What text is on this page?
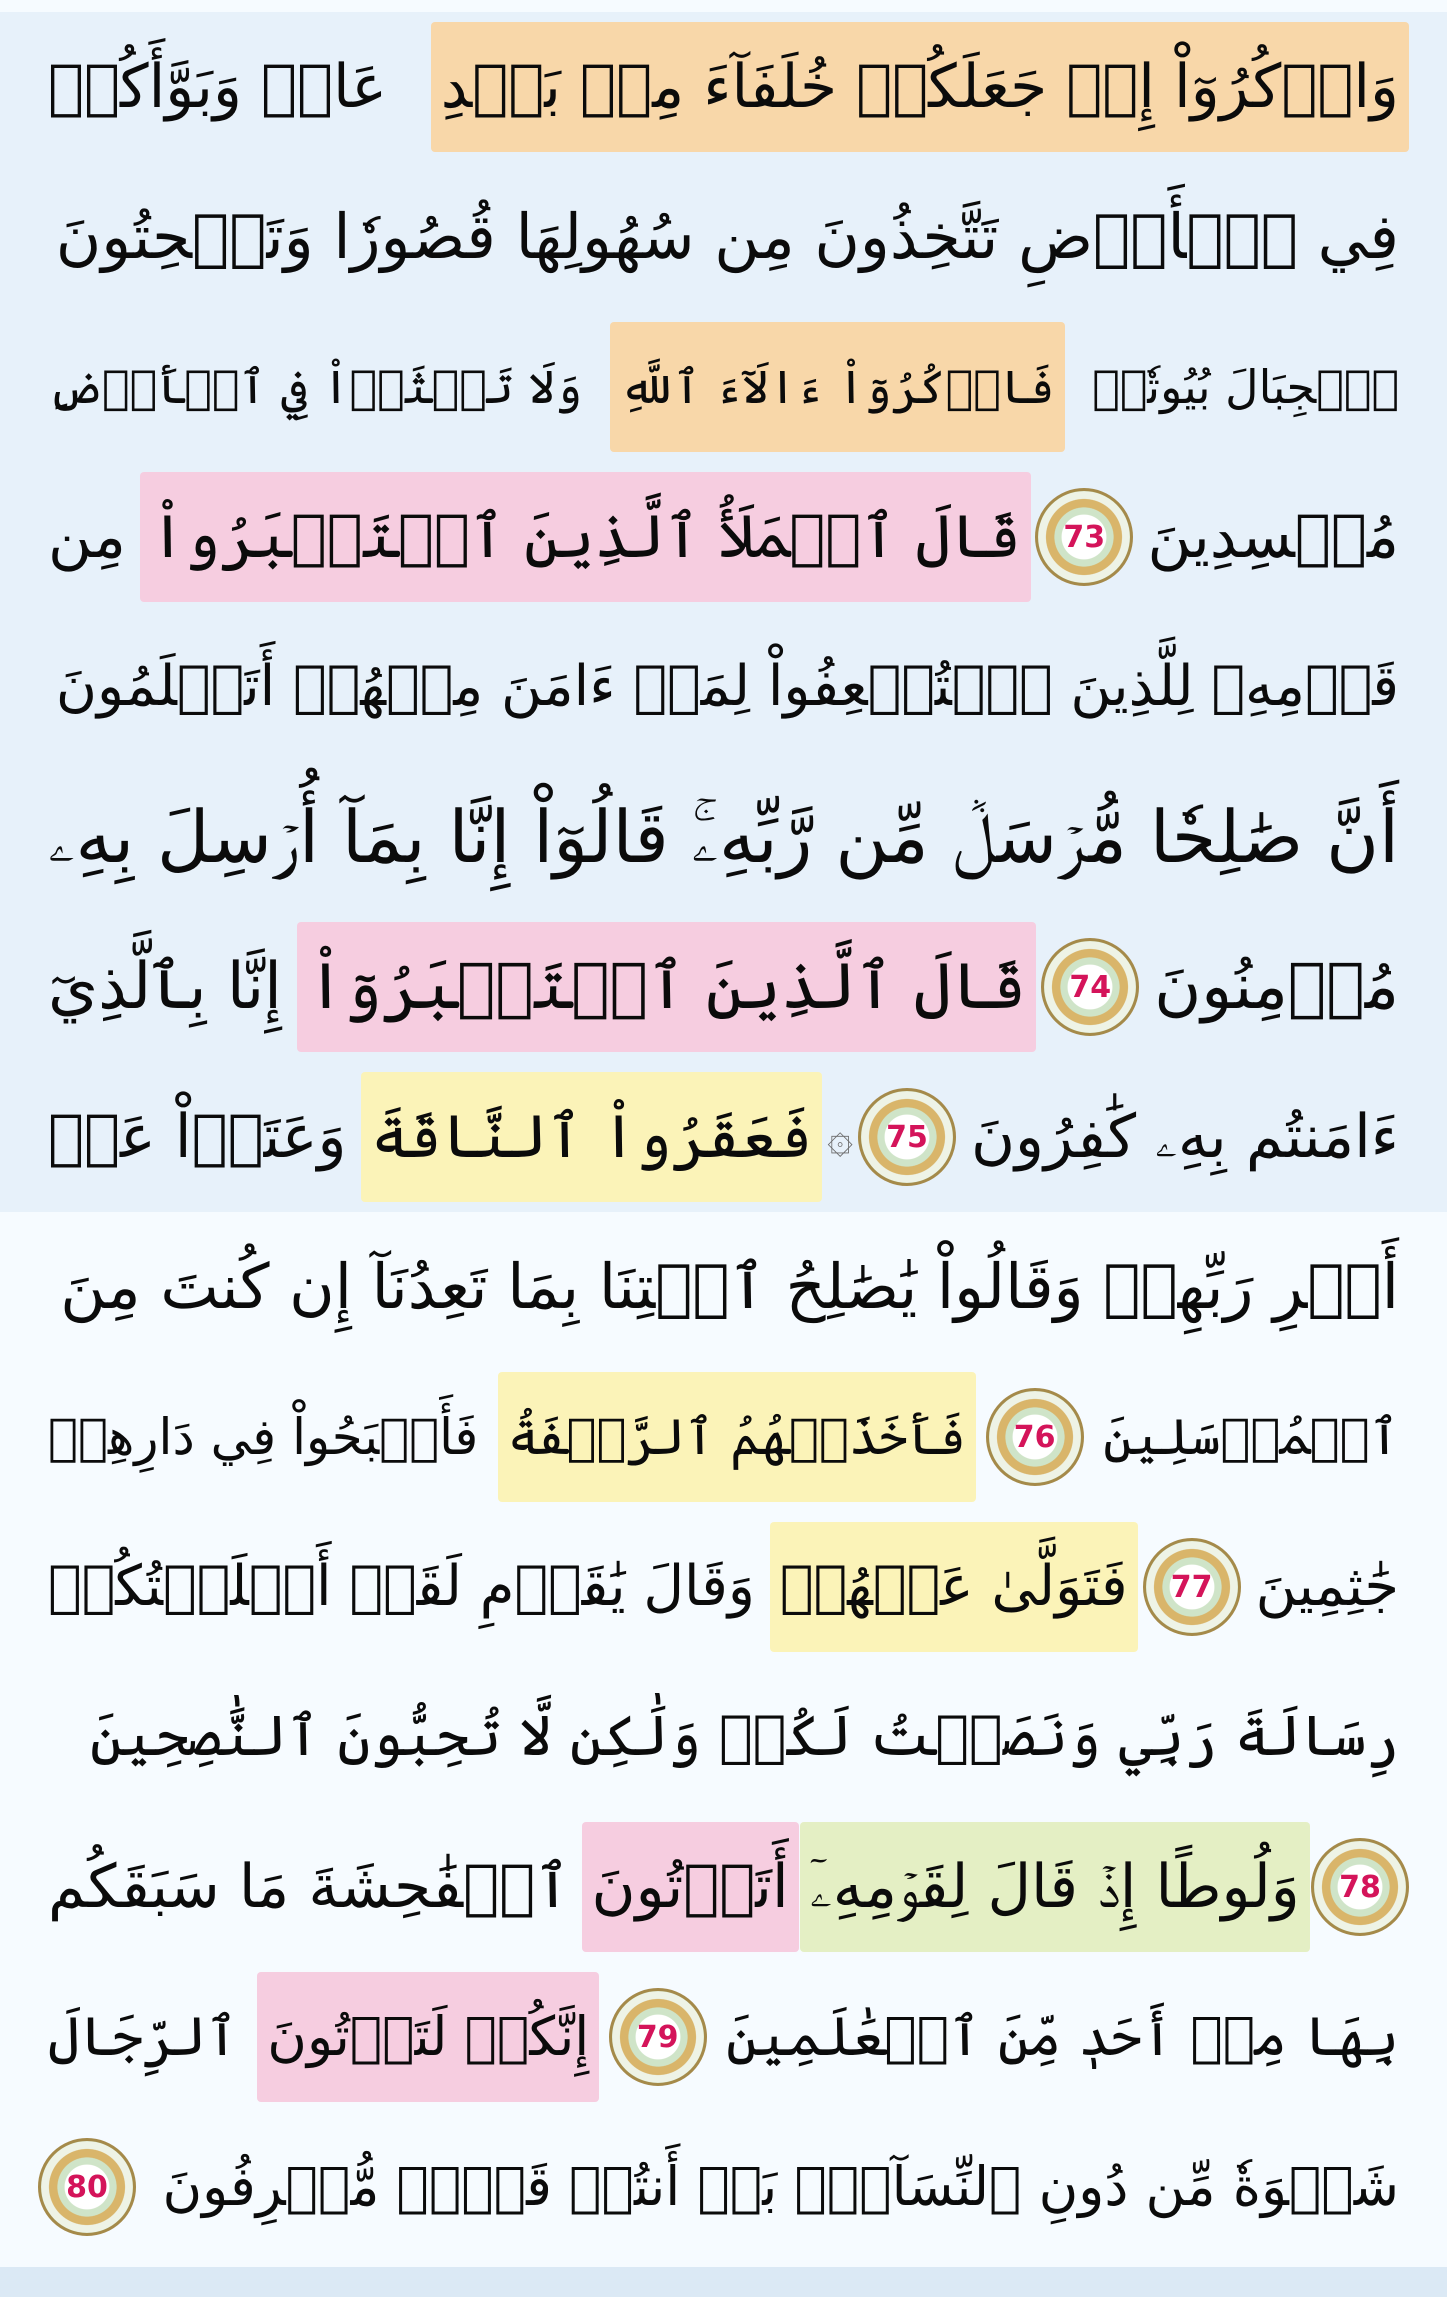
وَاذۡكُرُوٓاْ إِذۡ جَعَلَكُمۡ خُلَفَآءَ مِنۢ بَعۡدِ
عَادٖ وَبَوَّأَكُمۡ
فِي ٱلۡأَرۡضِ تَتَّخِذُونَ مِن سُهُولِهَا قُصُورٗا وَتَنۡحِتُونَ
ٱلۡجِبَالَ بُيُوتٗاۖ
فَاذۡكُرُوٓاْ ءَالَآءَ ٱللَّهِ
وَلَا تَعۡثَوۡاْ فِي ٱلۡأَرۡضِ
مُفۡسِدِينَ
73
قَالَ ٱلۡمَلَأُ ٱلَّذِينَ ٱسۡتَكۡبَرُواْ
مِن
قَوۡمِهِۦ لِلَّذِينَ ٱسۡتُضۡعِفُواْ لِمَنۡ ءَامَنَ مِنۡهُمۡ أَتَعۡلَمُونَ
أَنَّ صَٰلِحٗا مُّرۡسَلٞ مِّن رَّبِّهِۦۚ قَالُوٓاْ إِنَّا بِمَآ أُرۡسِلَ بِهِۦ
مُؤۡمِنُونَ
74
قَالَ ٱلَّذِينَ ٱسۡتَكۡبَرُوٓاْ
إِنَّا بِٱلَّذِيٓ
ءَامَنتُم بِهِۦ كَٰفِرُونَ
75
۞
فَعَقَرُواْ ٱلنَّاقَةَ
وَعَتَوۡاْ عَنۡ
أَمۡرِ رَبِّهِمۡ وَقَالُواْ يَٰصَٰلِحُ ٱئۡتِنَا بِمَا تَعِدُنَآ إِن كُنتَ مِنَ
ٱلۡمُرۡسَلِينَ
76
فَأَخَذَتۡهُمُ ٱلرَّجۡفَةُ
فَأَصۡبَحُواْ فِي دَارِهِمۡ
جَٰثِمِينَ
77
فَتَوَلَّىٰ عَنۡهُمۡ
وَقَالَ يَٰقَوۡمِ لَقَدۡ أَبۡلَغۡتُكُمۡ
رِسَالَةَ رَبِّي وَنَصَحۡتُ لَكُمۡ وَلَٰكِن لَّا تُحِبُّونَ ٱلنَّٰصِحِينَ
78
وَلُوطًا إِذۡ قَالَ لِقَوۡمِهِۦٓ
أَتَأۡتُونَ
ٱلۡفَٰحِشَةَ مَا سَبَقَكُم
بِهَا مِنۡ أَحَدٖ مِّنَ ٱلۡعَٰلَمِينَ
79
إِنَّكُمۡ لَتَأۡتُونَ
ٱلرِّجَالَ
شَهۡوَةٗ مِّن دُونِ ٱلنِّسَآءِۚ بَلۡ أَنتُمۡ قَوۡمٞ مُّسۡرِفُونَ
80
